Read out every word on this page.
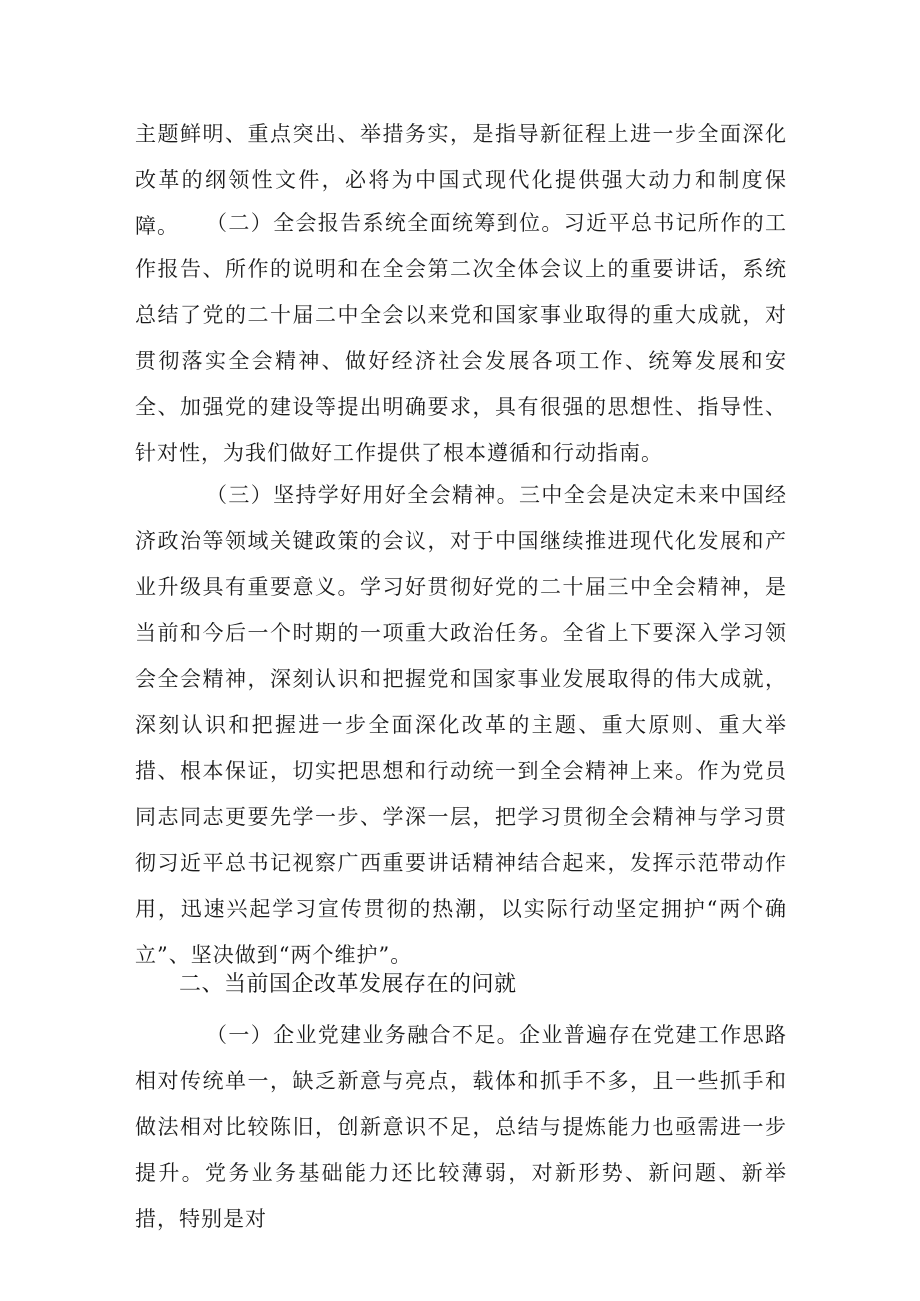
主题鲜明、重点突出、举措务实，是指导新征程上进一步全面深化改革的纲领性文件，必将为中国式现代化提供强大动力和制度保障。	（二）全会报告系统全面统筹到位。习近平总书记所作的工作报告、所作的说明和在全会第二次全体会议上的重要讲话，系统总结了党的二十届二中全会以来党和国家事业取得的重大成就，对贯彻落实全会精神、做好经济社会发展各项工作、统筹发展和安全、加强党的建设等提出明确要求，具有很强的思想性、指导性、针对性，为我们做好工作提供了根本遵循和行动指南。

（三）坚持学好用好全会精神。三中全会是决定未来中国经济政治等领域关键政策的会议，对于中国继续推进现代化发展和产业升级具有重要意义。学习好贯彻好党的二十届三中全会精神，是当前和今后一个时期的一项重大政治任务。全省上下要深入学习领会全会精神，深刻认识和把握党和国家事业发展取得的伟大成就，深刻认识和把握进一步全面深化改革的主题、重大原则、重大举措、根本保证，切实把思想和行动统一到全会精神上来。作为党员同志同志更要先学一步、学深一层，把学习贯彻全会精神与学习贯彻习近平总书记视察广西重要讲话精神结合起来，发挥示范带动作用，迅速兴起学习宣传贯彻的热潮，以实际行动坚定拥护“两个确立”、坚决做到“两个维护”。

二、当前国企改革发展存在的问就

（一）企业党建业务融合不足。企业普遍存在党建工作思路相对传统单一，缺乏新意与亮点，载体和抓手不多，且一些抓手和做法相对比较陈旧，创新意识不足，总结与提炼能力也亟需进一步提升。党务业务基础能力还比较薄弱，对新形势、新问题、新举措，特别是对
